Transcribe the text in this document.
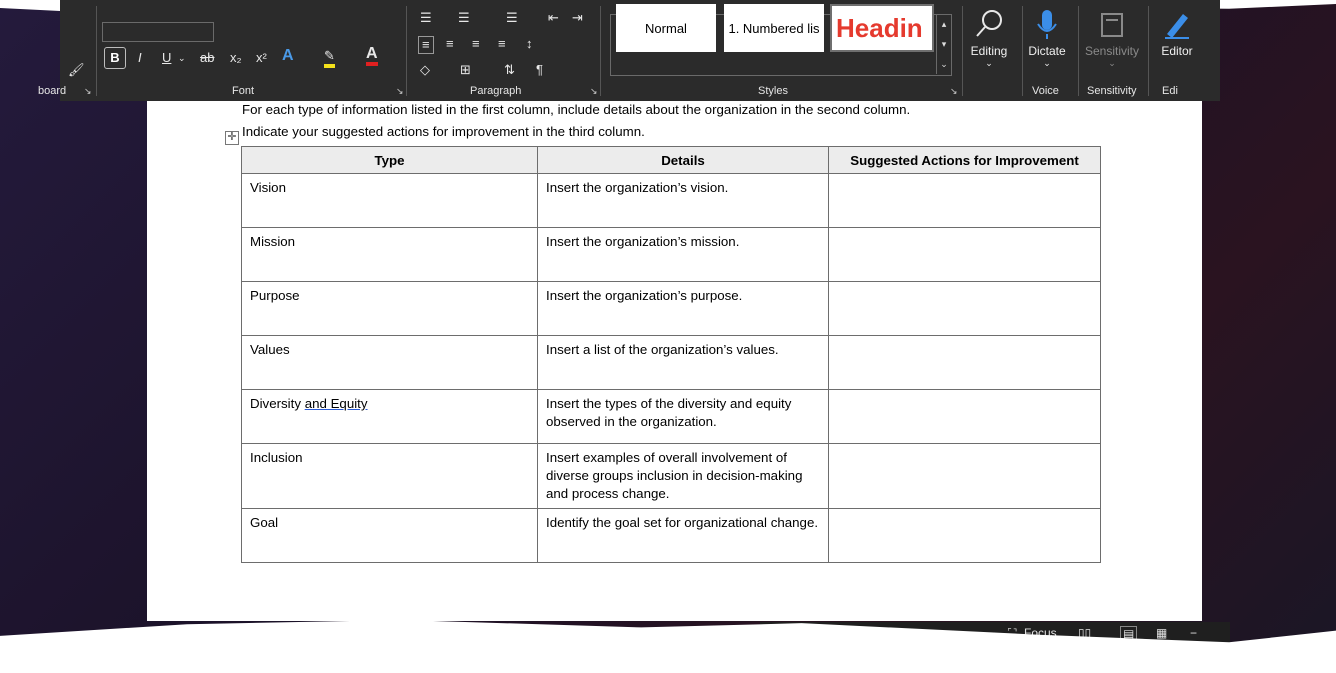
🖌
board ↘
B	I U ⌄ ab x₂ x² A ✎ A
Font	↘
☰ ☰	☰ ⇤ ⇥
≡	≡ ≡ ≡ ↕
◇ ⊞	⇅ ¶
Paragraph	↘
Normal	1. Numbered lis Headin	▴
▾
⌄
Styles	↘
Editing
⌄
Dictate
⌄
Voice
Sensitivity
⌄
Sensitivity
Editor
Edi
For each type of information listed in the first column, include details about the organization in the second column.
✛ Indicate your suggested actions for improvement in the third column.
Type	Details	Suggested Actions for Improvement
Vision	Insert the organization’s vision.	
Mission	Insert the organization’s mission.	
Purpose	Insert the organization’s purpose.	
Values	Insert a list of the organization’s values.	
Diversity and Equity	Insert the types of the diversity and equity observed in the organization.	
Inclusion	Insert examples of overall involvement of diverse groups inclusion in decision-making and process change.	
Goal	Identify the goal set for organizational change.	
⛶ Focus ▯▯	▤ ▦ −
